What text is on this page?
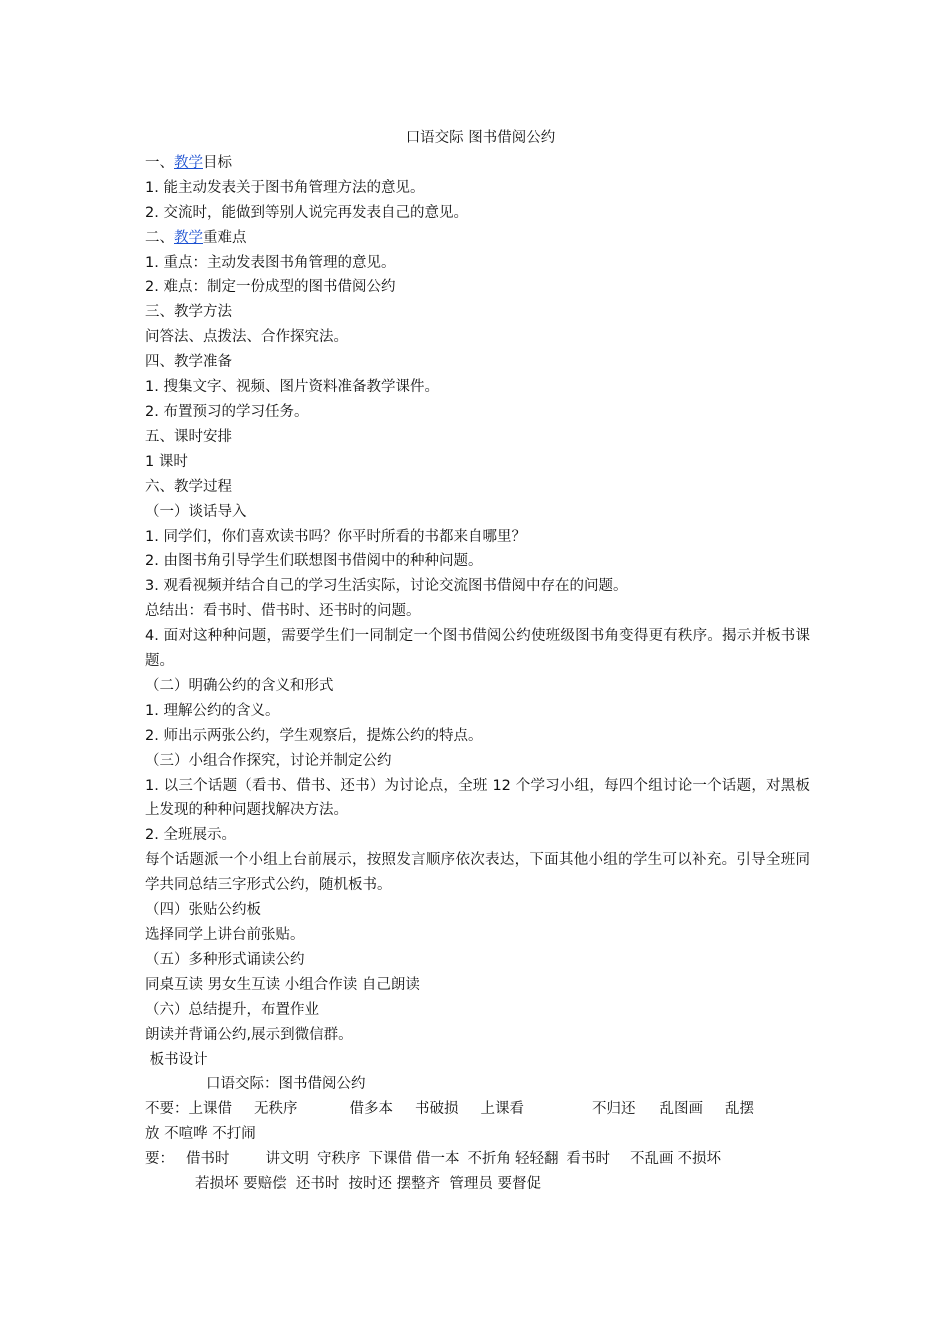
口语交际 图书借阅公约
一、教学目标
1. 能主动发表关于图书角管理方法的意见。
2. 交流时，能做到等别人说完再发表自己的意见。
二、教学重难点
1. 重点：主动发表图书角管理的意见。
2. 难点：制定一份成型的图书借阅公约
三、教学方法
问答法、点拨法、合作探究法。
四、教学准备
1. 搜集文字、视频、图片资料准备教学课件。
2. 布置预习的学习任务。
五、课时安排
1 课时
六、教学过程
（一）谈话导入
1. 同学们，你们喜欢读书吗？你平时所看的书都来自哪里？
2. 由图书角引导学生们联想图书借阅中的种种问题。
3. 观看视频并结合自己的学习生活实际，讨论交流图书借阅中存在的问题。
总结出：看书时、借书时、还书时的问题。
4. 面对这种种问题，需要学生们一同制定一个图书借阅公约使班级图书角变得更有秩序。揭示并板书课题。
（二）明确公约的含义和形式
1. 理解公约的含义。
2. 师出示两张公约，学生观察后，提炼公约的特点。
（三）小组合作探究，讨论并制定公约
1. 以三个话题（看书、借书、还书）为讨论点，全班 12 个学习小组，每四个组讨论一个话题，对黑板上发现的种种问题找解决方法。
2. 全班展示。
每个话题派一个小组上台前展示，按照发言顺序依次表达，下面其他小组的学生可以补充。引导全班同学共同总结三字形式公约，随机板书。
（四）张贴公约板
选择同学上讲台前张贴。
（五）多种形式诵读公约
同桌互读 男女生互读 小组合作读 自己朗读
（六）总结提升，布置作业
朗读并背诵公约,展示到微信群。
板书设计
口语交际：图书借阅公约
不要：上课借 无秩序	借多本 书破损 上课看	不归还 乱图画 乱摆
放 不喧哗 不打闹
要： 借书时 讲文明 守秩序 下课借 借一本 不折角 轻轻翻 看书时 不乱画 不损坏
若损坏 要赔偿  还书时  按时还 摆整齐  管理员 要督促
